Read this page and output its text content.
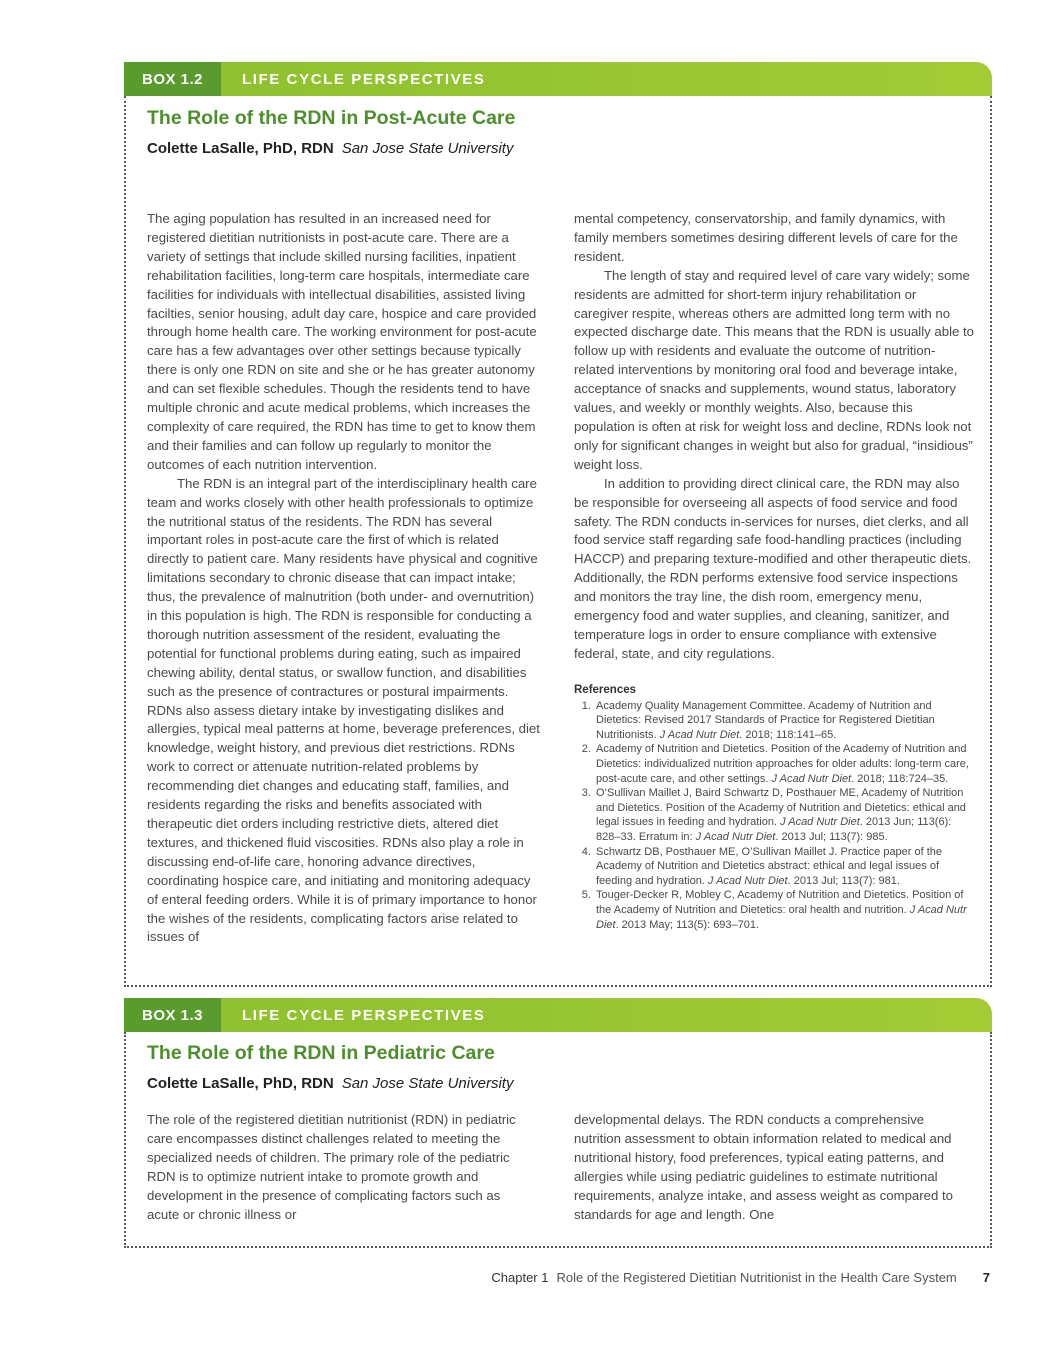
BOX 1.2	LIFE CYCLE PERSPECTIVES
The Role of the RDN in Post-Acute Care
Colette LaSalle, PhD, RDN San Jose State University

The aging population has resulted in an increased need for registered dietitian nutritionists in post-acute care. There are a variety of settings that include skilled nursing facilities, inpatient rehabilitation facilities, long-term care hospitals, intermediate care facilities for individuals with intellectual disabilities, assisted living facilties, senior housing, adult day care, hospice and care provided through home health care. The working environment for post-acute care has a few advantages over other settings because typically there is only one RDN on site and she or he has greater autonomy and can set flexible schedules. Though the residents tend to have multiple chronic and acute medical problems, which increases the complexity of care required, the RDN has time to get to know them and their families and can follow up regularly to monitor the outcomes of each nutrition intervention.

The RDN is an integral part of the interdisciplinary health care team and works closely with other health professionals to optimize the nutritional status of the residents. The RDN has several important roles in post-acute care the first of which is related directly to patient care. Many residents have physical and cognitive limitations secondary to chronic disease that can impact intake; thus, the prevalence of malnutrition (both under- and overnutrition) in this population is high. The RDN is responsible for conducting a thorough nutrition assessment of the resident, evaluating the potential for functional problems during eating, such as impaired chewing ability, dental status, or swallow function, and disabilities such as the presence of contractures or postural impairments. RDNs also assess dietary intake by investigating dislikes and allergies, typical meal patterns at home, beverage preferences, diet knowledge, weight history, and previous diet restrictions. RDNs work to correct or attenuate nutrition-related problems by recommending diet changes and educating staff, families, and residents regarding the risks and benefits associated with therapeutic diet orders including restrictive diets, altered diet textures, and thickened fluid viscosities. RDNs also play a role in discussing end-of-life care, honoring advance directives, coordinating hospice care, and initiating and monitoring adequacy of enteral feeding orders. While it is of primary importance to honor the wishes of the residents, complicating factors arise related to issues of

mental competency, conservatorship, and family dynamics, with family members sometimes desiring different levels of care for the resident.

The length of stay and required level of care vary widely; some residents are admitted for short-term injury rehabilitation or caregiver respite, whereas others are admitted long term with no expected discharge date. This means that the RDN is usually able to follow up with residents and evaluate the outcome of nutrition-related interventions by monitoring oral food and beverage intake, acceptance of snacks and supplements, wound status, laboratory values, and weekly or monthly weights. Also, because this population is often at risk for weight loss and decline, RDNs look not only for significant changes in weight but also for gradual, “insidious” weight loss.

In addition to providing direct clinical care, the RDN may also be responsible for overseeing all aspects of food service and food safety. The RDN conducts in-services for nurses, diet clerks, and all food service staff regarding safe food-handling practices (including HACCP) and preparing texture-modified and other therapeutic diets. Additionally, the RDN performs extensive food service inspections and monitors the tray line, the dish room, emergency menu, emergency food and water supplies, and cleaning, sanitizer, and temperature logs in order to ensure compliance with extensive federal, state, and city regulations.

References
1. Academy Quality Management Committee. Academy of Nutrition and Dietetics: Revised 2017 Standards of Practice for Registered Dietitian Nutritionists. J Acad Nutr Diet. 2018; 118:141–65.
2. Academy of Nutrition and Dietetics. Position of the Academy of Nutrition and Dietetics: individualized nutrition approaches for older adults: long-term care, post-acute care, and other settings. J Acad Nutr Diet. 2018; 118:724–35.
3. O’Sullivan Maillet J, Baird Schwartz D, Posthauer ME, Academy of Nutrition and Dietetics. Position of the Academy of Nutrition and Dietetics: ethical and legal issues in feeding and hydration. J Acad Nutr Diet. 2013 Jun; 113(6): 828–33. Erratum in: J Acad Nutr Diet. 2013 Jul; 113(7): 985.
4. Schwartz DB, Posthauer ME, O’Sullivan Maillet J. Practice paper of the Academy of Nutrition and Dietetics abstract: ethical and legal issues of feeding and hydration. J Acad Nutr Diet. 2013 Jul; 113(7): 981.
5. Touger-Decker R, Mobley C, Academy of Nutrition and Dietetics. Position of the Academy of Nutrition and Dietetics: oral health and nutrition. J Acad Nutr Diet. 2013 May; 113(5): 693–701.
BOX 1.3	LIFE CYCLE PERSPECTIVES
The Role of the RDN in Pediatric Care
Colette LaSalle, PhD, RDN San Jose State University

The role of the registered dietitian nutritionist (RDN) in pediatric care encompasses distinct challenges related to meeting the specialized needs of children. The primary role of the pediatric RDN is to optimize nutrient intake to promote growth and development in the presence of complicating factors such as acute or chronic illness or

developmental delays. The RDN conducts a comprehensive nutrition assessment to obtain information related to medical and nutritional history, food preferences, typical eating patterns, and allergies while using pediatric guidelines to estimate nutritional requirements, analyze intake, and assess weight as compared to standards for age and length. One

Chapter 1 Role of the Registered Dietitian Nutritionist in the Health Care System 7
